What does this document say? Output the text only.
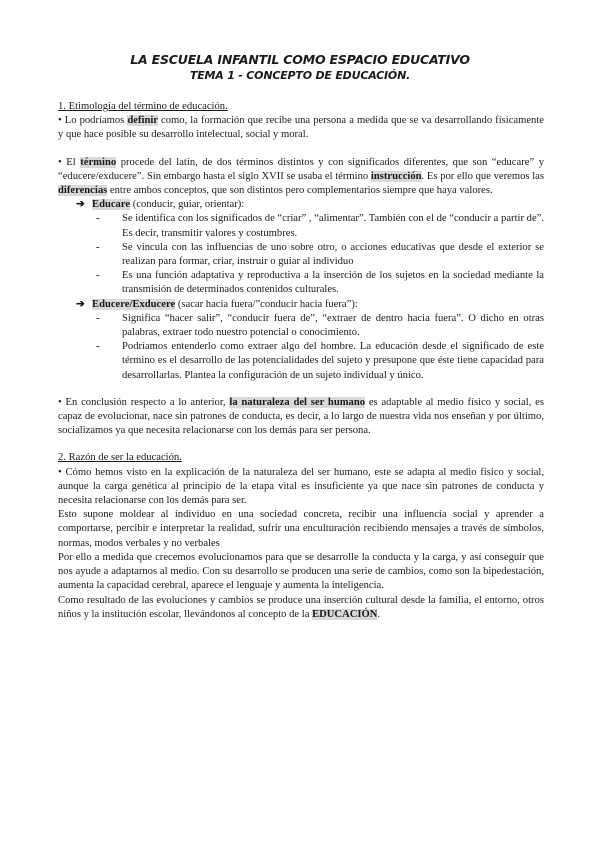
LA ESCUELA INFANTIL COMO ESPACIO EDUCATIVO
TEMA 1 - CONCEPTO DE EDUCACIÓN.

1. Etimología del término de educación.

• Lo podríamos definir como, la formación que recibe una persona a medida que se va desarrollando físicamente y que hace posible su desarrollo intelectual, social y moral.

• El término procede del latín, de dos términos distintos y con significados diferentes, que son “educare” y “educere/exducere”. Sin embargo hasta el siglo XVII se usaba el término instrucción. Es por ello que veremos las diferencias entre ambos conceptos, que son distintos pero complementarios siempre que haya valores.

➔ Educare (conducir, guiar, orientar):

- Se identifica con los significados de “criar” , “alimentar”. También con el de “conducir a partir de”. Es decir, transmitir valores y costumbres.
- Se vincula con las influencias de uno sobre otro, o acciones educativas que desde el exterior se realizan para formar, criar, instruir o guiar al individuo
- Es una función adaptativa y reproductiva a la inserción de los sujetos en la sociedad mediante la transmisión de determinados contenidos culturales.

➔ Educere/Exducere (sacar hacia fuera/”conducir hacia fuera”):

- Significa “hacer salir”, “conducir fuera de”, “extraer de dentro hacia fuera”. O dicho en otras palabras, extraer todo nuestro potencial o conocimiento.
- Podríamos entenderlo como extraer algo del hombre. La educación desde el significado de este término es el desarrollo de las potencialidades del sujeto y presupone que éste tiene capacidad para desarrollarlas. Plantea la configuración de un sujeto individual y único.

• En conclusión respecto a lo anterior, la naturaleza del ser humano es adaptable al medio físico y social, es capaz de evolucionar, nace sin patrones de conducta, es decir, a lo largo de nuestra vida nos enseñan y por último, socializamos ya que necesita relacionarse con los demás para ser persona.

2. Razón de ser la educación.

• Cómo hemos visto en la explicación de la naturaleza del ser humano, este se adapta al medio físico y social, aunque la carga genética al principio de la etapa vital es insuficiente ya que nace sin patrones de conducta y necesita relacionarse con los demás para ser.

Esto supone moldear al individuo en una sociedad concreta, recibir una influencia social y aprender a comportarse, percibir e interpretar la realidad, sufrir una enculturación recibiendo mensajes a través de símbolos, normas, modos verbales y no verbales

Por ello a medida que crecemos evolucionamos para que se desarrolle la conducta y la carga, y así conseguir que nos ayude a adaptarnos al medio. Con su desarrollo se producen una serie de cambios, como son la bipedestación, aumenta la capacidad cerebral, aparece el lenguaje y aumenta la inteligencia.

Como resultado de las evoluciones y cambios se produce una inserción cultural desde la familia, el entorno, otros niños y la institución escolar, llevándonos al concepto de la EDUCACIÓN.
